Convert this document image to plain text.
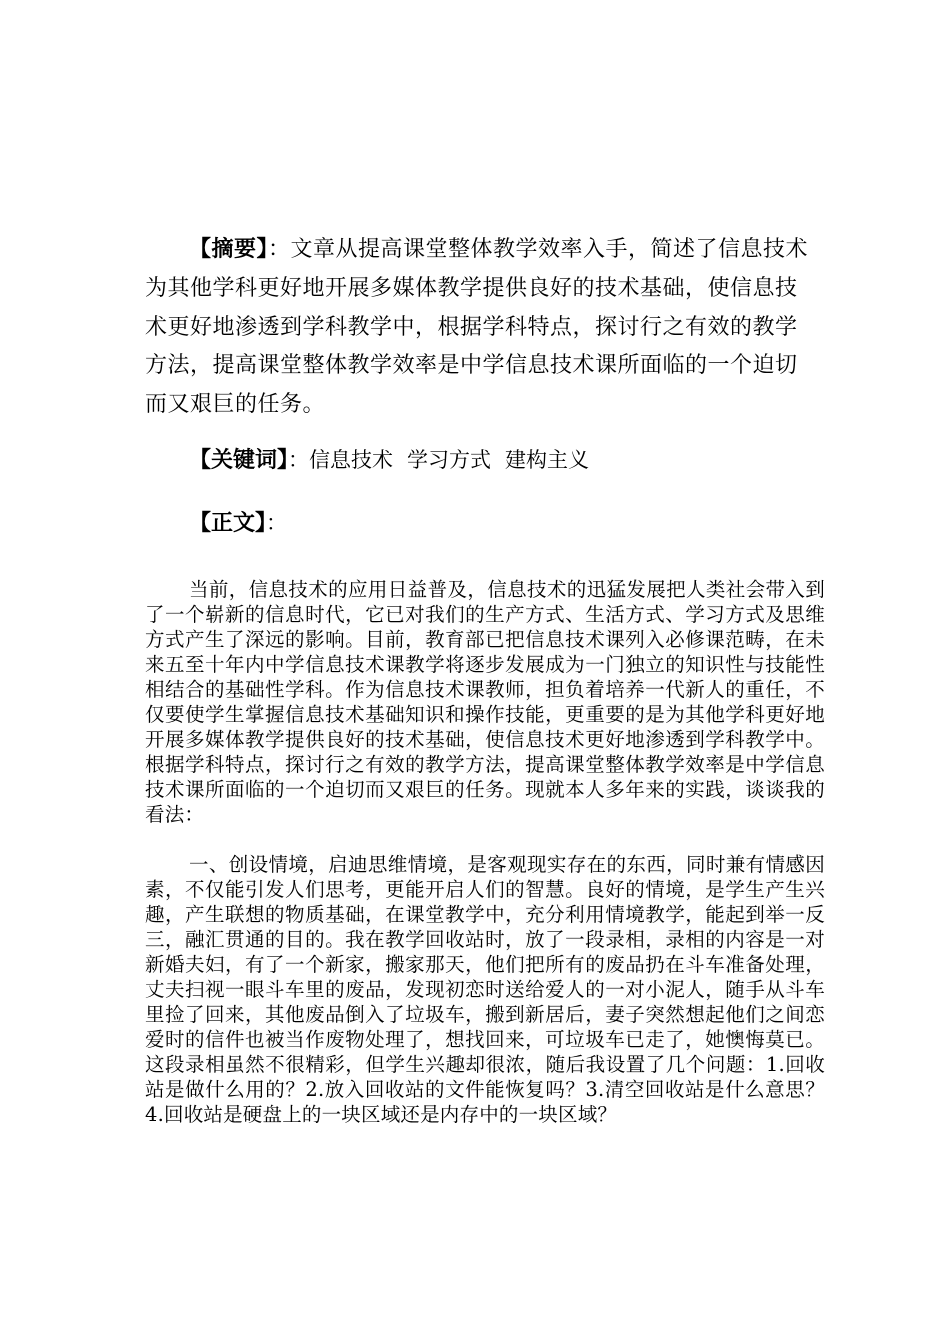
【摘要】：文章从提高课堂整体教学效率入手，简述了信息技术为其他学科更好地开展多媒体教学提供良好的技术基础，使信息技术更好地渗透到学科教学中，根据学科特点，探讨行之有效的教学方法，提高课堂整体教学效率是中学信息技术课所面临的一个迫切而又艰巨的任务。
【关键词】：信息技术 学习方式 建构主义
【正文】：

当前，信息技术的应用日益普及，信息技术的迅猛发展把人类社会带入到了一个崭新的信息时代，它已对我们的生产方式、生活方式、学习方式及思维方式产生了深远的影响。目前，教育部已把信息技术课列入必修课范畴，在未来五至十年内中学信息技术课教学将逐步发展成为一门独立的知识性与技能性相结合的基础性学科。作为信息技术课教师，担负着培养一代新人的重任，不仅要使学生掌握信息技术基础知识和操作技能，更重要的是为其他学科更好地开展多媒体教学提供良好的技术基础，使信息技术更好地渗透到学科教学中。根据学科特点，探讨行之有效的教学方法，提高课堂整体教学效率是中学信息技术课所面临的一个迫切而又艰巨的任务。现就本人多年来的实践，谈谈我的看法：

一、创设情境，启迪思维情境，是客观现实存在的东西，同时兼有情感因素，不仅能引发人们思考，更能开启人们的智慧。良好的情境，是学生产生兴趣，产生联想的物质基础，在课堂教学中，充分利用情境教学，能起到举一反三，融汇贯通的目的。我在教学回收站时，放了一段录相，录相的内容是一对新婚夫妇，有了一个新家，搬家那天，他们把所有的废品扔在斗车准备处理，丈夫扫视一眼斗车里的废品，发现初恋时送给爱人的一对小泥人，随手从斗车里捡了回来，其他废品倒入了垃圾车，搬到新居后，妻子突然想起他们之间恋爱时的信件也被当作废物处理了，想找回来，可垃圾车已走了，她懊悔莫已。这段录相虽然不很精彩，但学生兴趣却很浓，随后我设置了几个问题：1.回收站是做什么用的？2.放入回收站的文件能恢复吗？3.清空回收站是什么意思？4.回收站是硬盘上的一块区域还是内存中的一块区域？
